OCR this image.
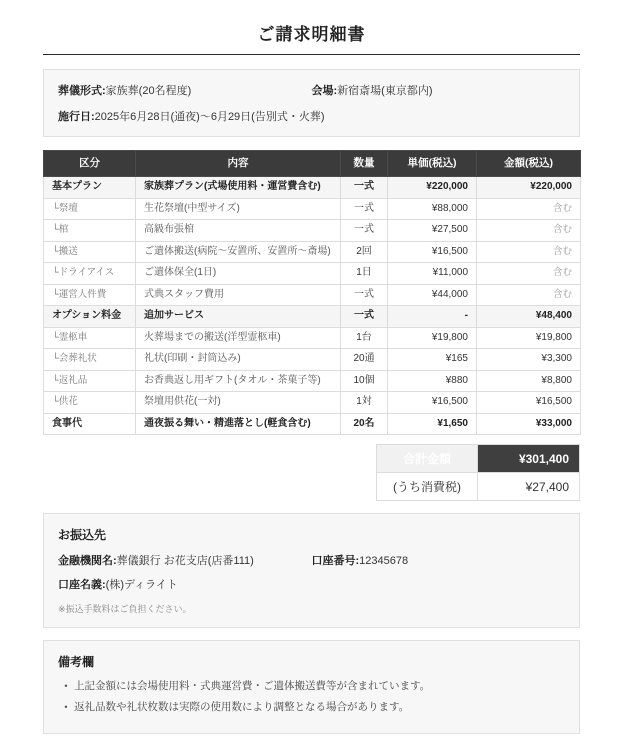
ご請求明細書
葬儀形式:家族葬(20名程度)	会場:新宿斎場(東京都内)
施行日:2025年6月28日(通夜)〜6月29日(告別式・火葬)
区分	内容	数量	単価(税込)	金額(税込)
基本プラン	家族葬プラン(式場使用料・運営費含む)	一式	¥220,000	¥220,000
└祭壇	生花祭壇(中型サイズ)	一式	¥88,000	含む
└棺	高級布張棺	一式	¥27,500	含む
└搬送	ご遺体搬送(病院〜安置所、安置所〜斎場)	2回	¥16,500	含む
└ドライアイス	ご遺体保全(1日)	1日	¥11,000	含む
└運営人件費	式典スタッフ費用	一式	¥44,000	含む
オプション料金	追加サービス	一式	-	¥48,400
└霊柩車	火葬場までの搬送(洋型霊柩車)	1台	¥19,800	¥19,800
└会葬礼状	礼状(印刷・封筒込み)	20通	¥165	¥3,300
└返礼品	お香典返し用ギフト(タオル・茶菓子等)	10個	¥880	¥8,800
└供花	祭壇用供花(一対)	1対	¥16,500	¥16,500
食事代	通夜振る舞い・精進落とし(軽食含む)	20名	¥1,650	¥33,000
合計金額	¥301,400
(うち消費税)	¥27,400
お振込先
金融機関名:葬儀銀行 お花支店(店番111)	口座番号:12345678
口座名義:(株)ディライト
※振込手数料はご負担ください。
備考欄
• 上記金額には会場使用料・式典運営費・ご遺体搬送費等が含まれています。
• 返礼品数や礼状枚数は実際の使用数により調整となる場合があります。
